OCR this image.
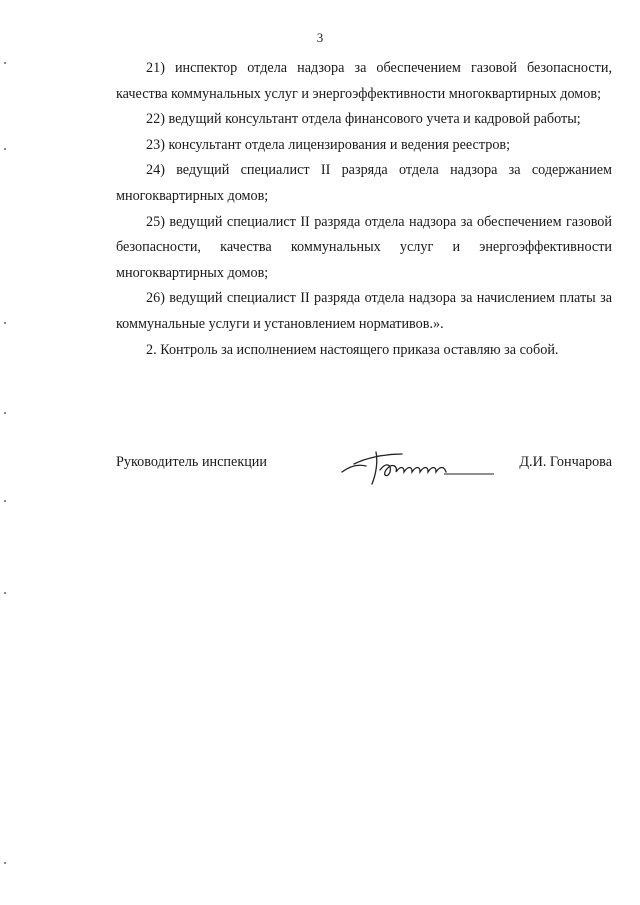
3

21) инспектор отдела надзора за обеспечением газовой безопасности, качества коммунальных услуг и энергоэффективности многоквартирных домов;

22) ведущий консультант отдела финансового учета и кадровой работы;

23) консультант отдела лицензирования и ведения реестров;

24) ведущий специалист II разряда отдела надзора за содержанием многоквартирных домов;

25) ведущий специалист II разряда отдела надзора за обеспечением газовой безопасности, качества коммунальных услуг и энергоэффективности многоквартирных домов;

26) ведущий специалист II разряда отдела надзора за начислением платы за коммунальные услуги и установлением нормативов.».

2. Контроль за исполнением настоящего приказа оставляю за собой.

Руководитель инспекции	Д.И. Гончарова
